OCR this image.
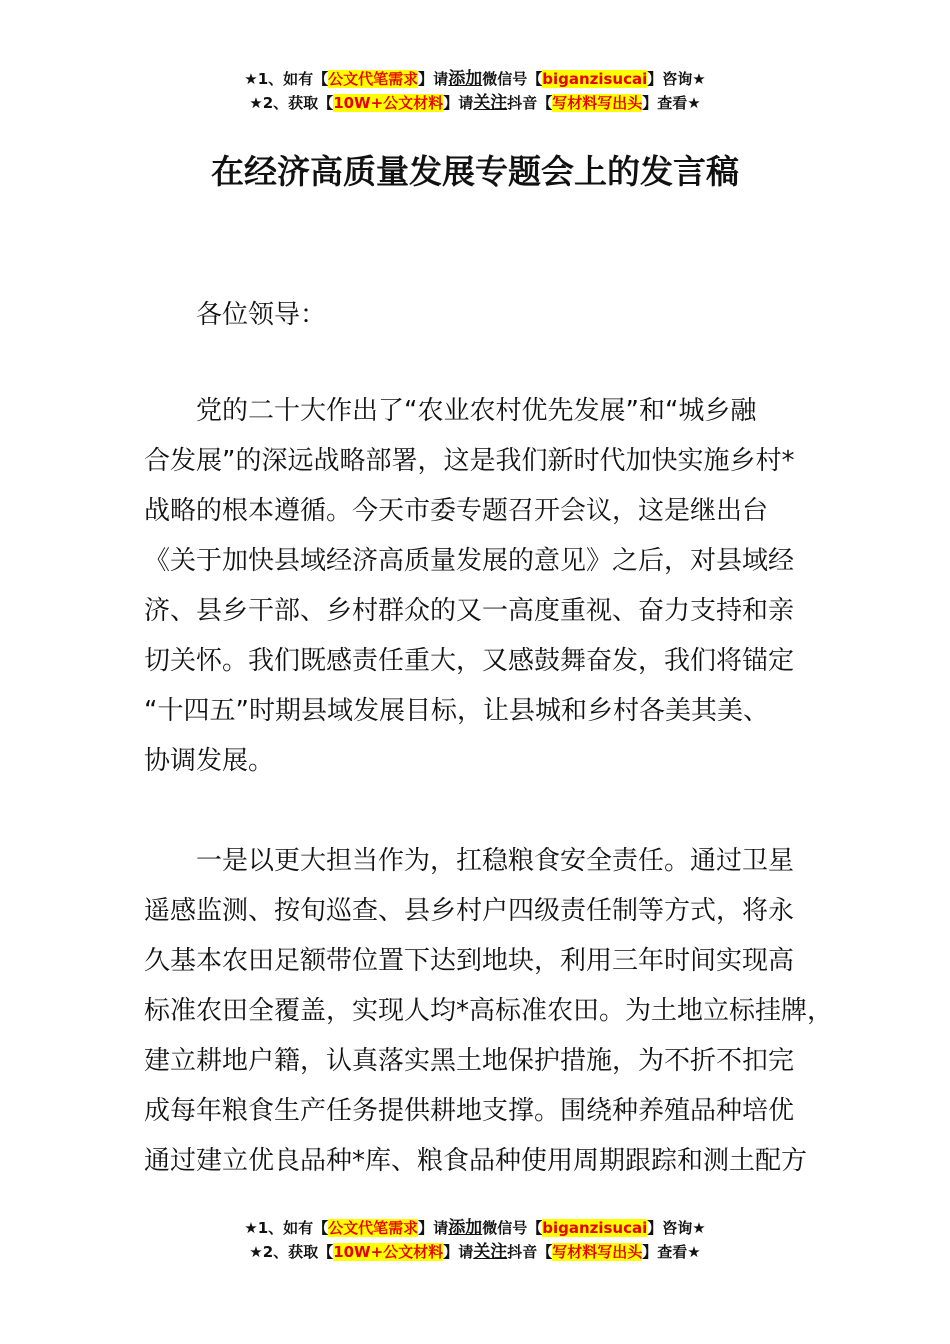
★1、如有【公文代笔需求】请添加微信号【biganzisucai】咨询★
★2、获取【10W+公文材料】请关注抖音【写材料写出头】查看★
在经济高质量发展专题会上的发言稿
各位领导：
　　党的二十大作出了“农业农村优先发展”和“城乡融
合发展”的深远战略部署，这是我们新时代加快实施乡村*
战略的根本遵循。今天市委专题召开会议，这是继出台
《关于加快县域经济高质量发展的意见》之后，对县域经
济、县乡干部、乡村群众的又一高度重视、奋力支持和亲
切关怀。我们既感责任重大，又感鼓舞奋发，我们将锚定
“十四五”时期县域发展目标，让县城和乡村各美其美、
协调发展。
　　一是以更大担当作为，扛稳粮食安全责任。通过卫星
遥感监测、按旬巡查、县乡村户四级责任制等方式，将永
久基本农田足额带位置下达到地块，利用三年时间实现高
标准农田全覆盖，实现人均*高标准农田。为土地立标挂牌，
建立耕地户籍，认真落实黑土地保护措施，为不折不扣完
成每年粮食生产任务提供耕地支撑。围绕种养殖品种培优
通过建立优良品种*库、粮食品种使用周期跟踪和测土配方
★1、如有【公文代笔需求】请添加微信号【biganzisucai】咨询★
★2、获取【10W+公文材料】请关注抖音【写材料写出头】查看★
